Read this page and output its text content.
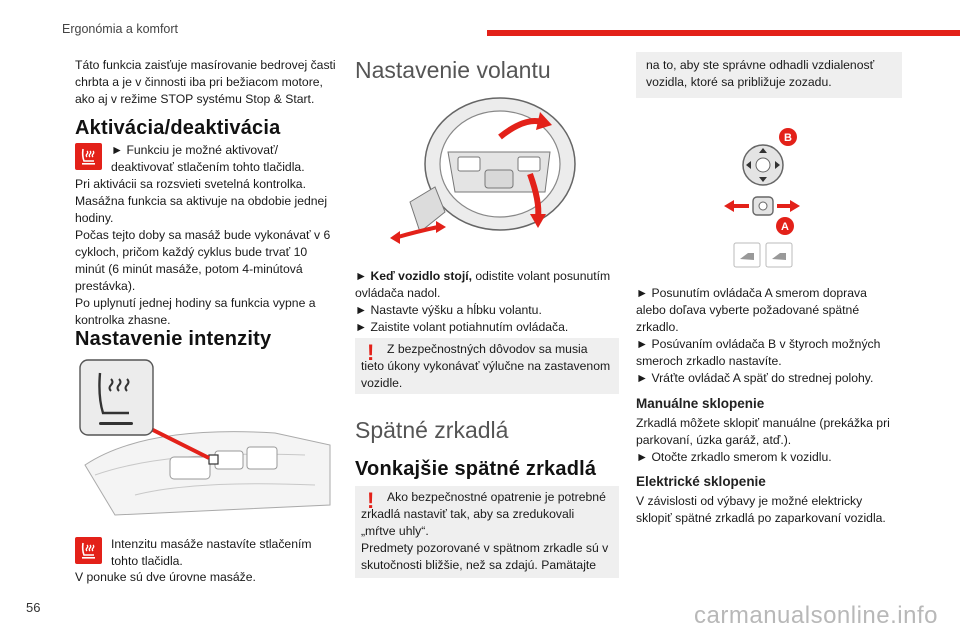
Ergonómia a komfort

Táto funkcia zaisťuje masírovanie bedrovej časti chrbta a je v činnosti iba pri bežiacom motore, ako aj v režime STOP systému Stop & Start.

Aktivácia/deaktivácia

► Funkciu je možné aktivovať/ deaktivovať stlačením tohto tlačidla.

Pri aktivácii sa rozsvieti svetelná kontrolka.
Masážna funkcia sa aktivuje na obdobie jednej hodiny.
Počas tejto doby sa masáž bude vykonávať v 6 cykloch, pričom každý cyklus bude trvať 10 minút (6 minút masáže, potom 4-minútová prestávka).
Po uplynutí jednej hodiny sa funkcia vypne a kontrolka zhasne.

Nastavenie intenzity

Intenzitu masáže nastavíte stlačením tohto tlačidla.

V ponuke sú dve úrovne masáže.

Nastavenie volantu

► Keď vozidlo stojí, odistite volant posunutím ovládača nadol.

► Nastavte výšku a hĺbku volantu.

► Zaistite volant potiahnutím ovládača.

!	Z bezpečnostných dôvodov sa musia tieto úkony vykonávať výlučne na zastavenom vozidle.

Spätné zrkadlá
Vonkajšie spätné zrkadlá
!	Ako bezpečnostné opatrenie je potrebné zrkadlá nastaviť tak, aby sa zredukovali „mŕtve uhly“.
Predmety pozorované v spätnom zrkadle sú v skutočnosti bližšie, než sa zdajú. Pamätajte

na to, aby ste správne odhadli vzdialenosť vozidla, ktoré sa približuje zozadu.

B
A

► Posunutím ovládača A smerom doprava alebo doľava vyberte požadované spätné zrkadlo.
► Posúvaním ovládača B v štyroch možných smeroch zrkadlo nastavíte.
► Vráťte ovládač A späť do strednej polohy.

Manuálne sklopenie

Zrkadlá môžete sklopiť manuálne (prekážka pri parkovaní, úzka garáž, atď.).
► Otočte zrkadlo smerom k vozidlu.

Elektrické sklopenie

V závislosti od výbavy je možné elektricky sklopiť spätné zrkadlá po zaparkovaní vozidla.

56	carmanualsonline.info
